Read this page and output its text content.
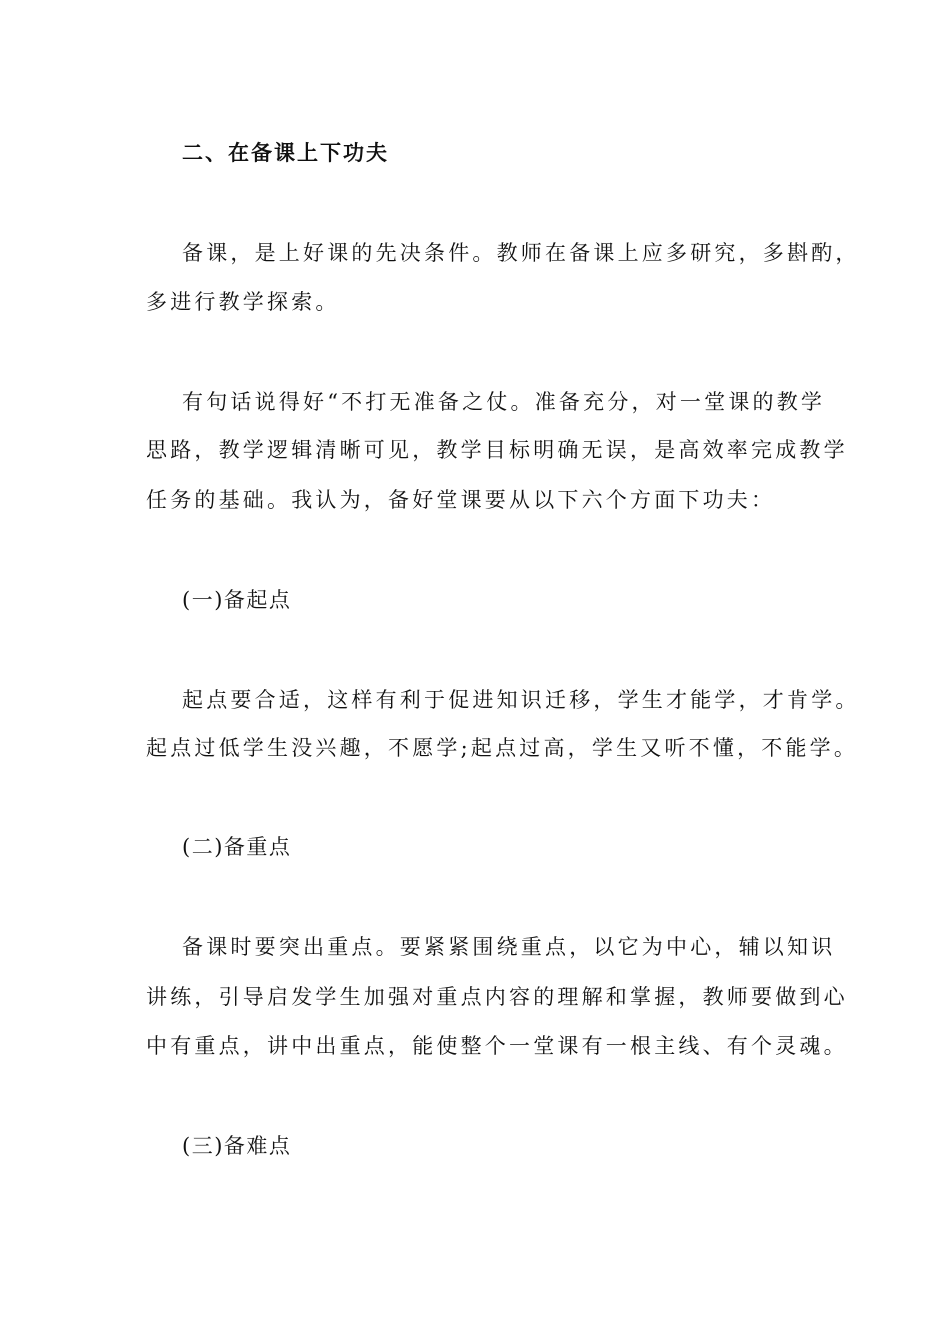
二、在备课上下功夫
备课，是上好课的先决条件。教师在备课上应多研究，多斟酌，
多进行教学探索。
有句话说得好“不打无准备之仗。准备充分，对一堂课的教学
思路，教学逻辑清晰可见，教学目标明确无误，是高效率完成教学
任务的基础。我认为，备好堂课要从以下六个方面下功夫：
(一)备起点
起点要合适，这样有利于促进知识迁移，学生才能学，才肯学。
起点过低学生没兴趣，不愿学;起点过高，学生又听不懂，不能学。
(二)备重点
备课时要突出重点。要紧紧围绕重点，以它为中心，辅以知识
讲练，引导启发学生加强对重点内容的理解和掌握，教师要做到心
中有重点，讲中出重点，能使整个一堂课有一根主线、有个灵魂。
(三)备难点
